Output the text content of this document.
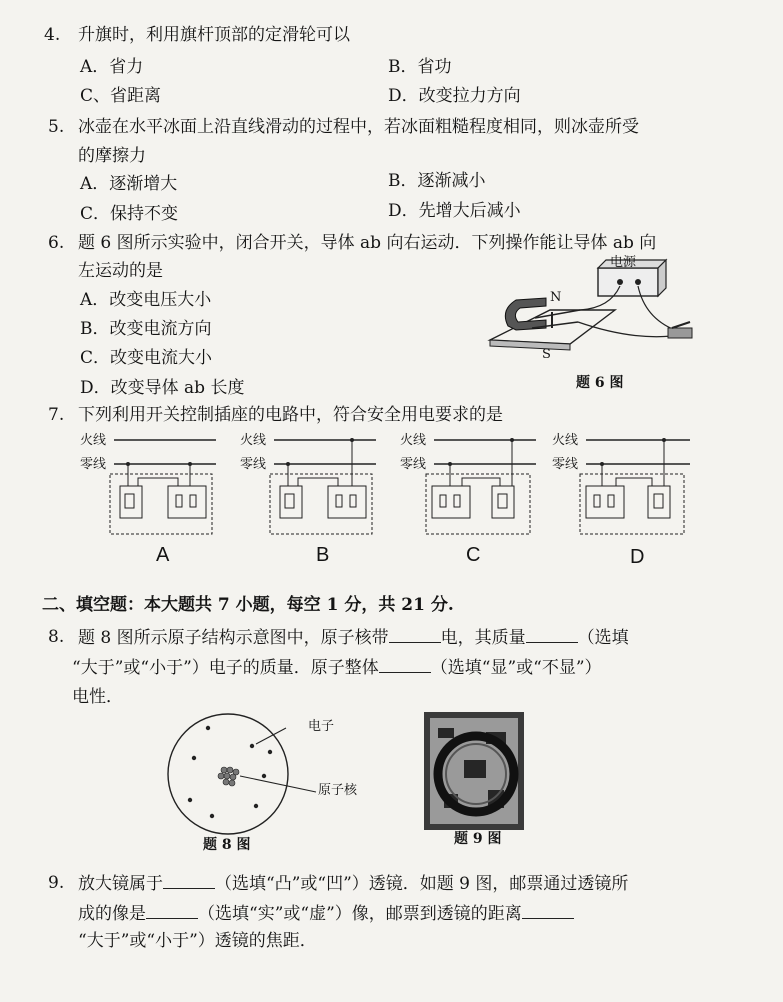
4. 升旗时，利用旗杆顶部的定滑轮可以
A．省力	B．省功
C、省距离	D．改变拉力方向
5. 冰壶在水平冰面上沿直线滑动的过程中，若冰面粗糙程度相同，则冰壶所受
的摩擦力
A．逐渐增大	B．逐渐减小
C．保持不变	D．先增大后减小
6. 题 6 图所示实验中，闭合开关，导体 ab 向右运动．下列操作能让导体 ab 向
左运动的是
A．改变电压大小
B．改变电流方向
C．改变电流大小
D．改变导体 ab 长度
电源
N
S
题 6 图
7. 下列利用开关控制插座的电路中，符合安全用电要求的是
火线
零线
火线
零线
火线
零线
火线
零线
A	B	C	D
二、填空题：本大题共 7 小题，每空 1 分，共 21 分.
8. 题 8 图所示原子结构示意图中，原子核带	电，其质量	（选填
“大于”或“小于”）电子的质量．原子整体	（选填“显”或“不显”）
电性．
电子
原子核
题 8 图	题 9 图
9. 放大镜属于	（选填“凸”或“凹”）透镜．如题 9 图，邮票通过透镜所
成的像是	（选填“实”或“虚”）像，邮票到透镜的距离
“大于”或“小于”）透镜的焦距．
